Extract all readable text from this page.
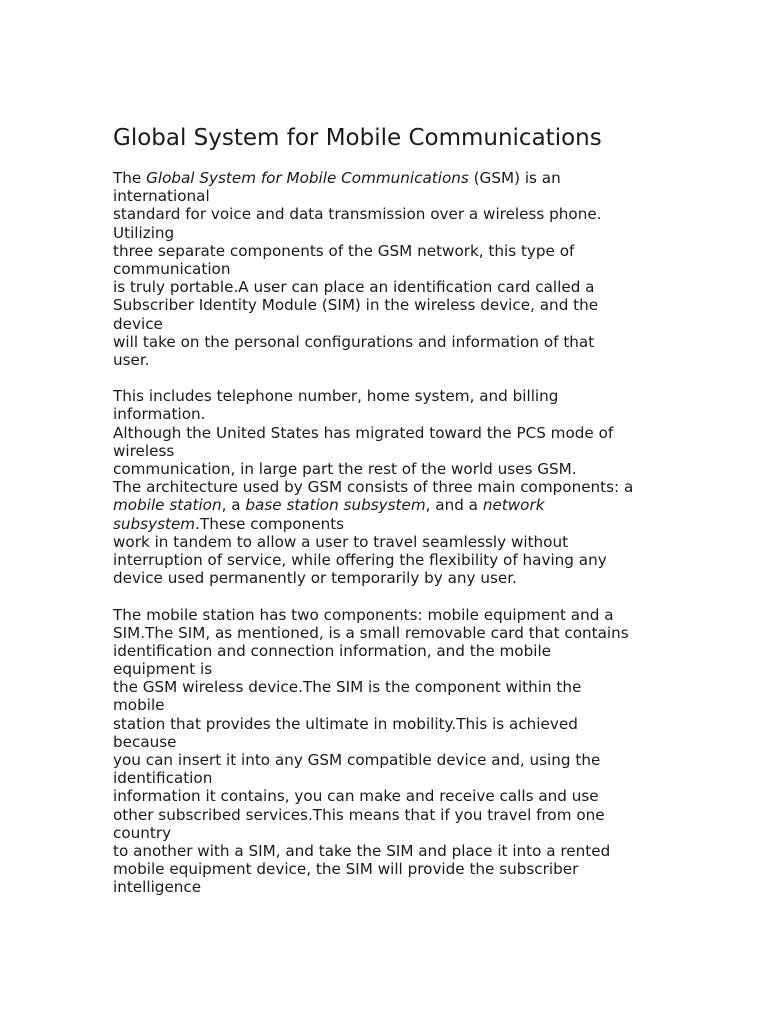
Global System for Mobile Communications
The Global System for Mobile Communications (GSM) is an
international
standard for voice and data transmission over a wireless phone.
Utilizing
three separate components of the GSM network, this type of
communication
is truly portable.A user can place an identification card called a
Subscriber Identity Module (SIM) in the wireless device, and the
device
will take on the personal configurations and information of that
user.
This includes telephone number, home system, and billing
information.
Although the United States has migrated toward the PCS mode of
wireless
communication, in large part the rest of the world uses GSM.
The architecture used by GSM consists of three main components: a
mobile station, a base station subsystem, and a network
subsystem.These components
work in tandem to allow a user to travel seamlessly without
interruption of service, while offering the flexibility of having any
device used permanently or temporarily by any user.
The mobile station has two components: mobile equipment and a
SIM.The SIM, as mentioned, is a small removable card that contains
identification and connection information, and the mobile
equipment is
the GSM wireless device.The SIM is the component within the
mobile
station that provides the ultimate in mobility.This is achieved
because
you can insert it into any GSM compatible device and, using the
identification
information it contains, you can make and receive calls and use
other subscribed services.This means that if you travel from one
country
to another with a SIM, and take the SIM and place it into a rented
mobile equipment device, the SIM will provide the subscriber
intelligence
